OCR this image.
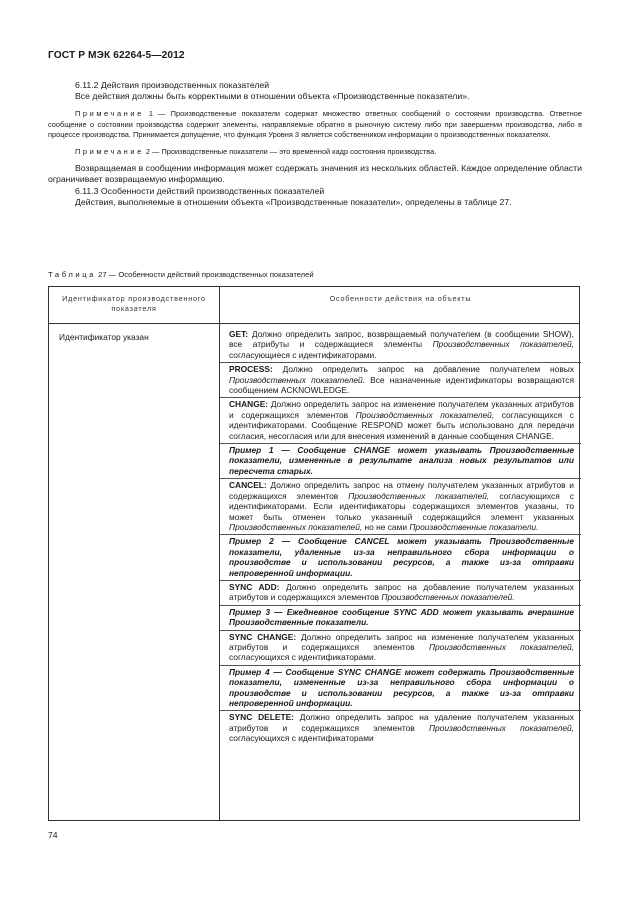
ГОСТ Р МЭК 62264-5—2012

6.11.2 Действия производственных показателей

Все действия должны быть корректными в отношении объекта «Производственные показатели».

Примечание 1 — Производственные показатели содержат множество ответных сообщений о состоянии производства. Ответное сообщение о состоянии производства содержит элементы, направляемые обратно в рыночную систему либо при завершении производства, либо в процессе производства. Принимается допущение, что функция Уровня 3 является собственником информации о производственных показателях.

Примечание 2 — Производственные показатели — это временной кадр состояния производства.

Возвращаемая в сообщении информация может содержать значения из нескольких областей. Каждое определение области ограничивает возвращаемую информацию.

6.11.3 Особенности действий производственных показателей

Действия, выполняемые в отношении объекта «Производственные показатели», определены в таблице 27.

Таблица 27 — Особенности действий производственных показателей
Идентификатор производственного показателя
Особенности действия на объекты
Идентификатор указан	GET: Должно определить запрос, возвращаемый получателем (в сообщении SHOW), все атрибуты и содержащиеся элементы Производственных показателей, согласующиеся с идентификаторами.
PROCESS: Должно определить запрос на добавление получателем новых Производственных показателей. Все назначенные идентификаторы возвращаются сообщением ACKNOWLEDGE.
CHANGE: Должно определить запрос на изменение получателем указанных атрибутов и содержащихся элементов Производственных показателей, согласующихся с идентификаторами. Сообщение RESPOND может быть использовано для передачи согласия, несогласия или для внесения изменений в данные сообщения CHANGE.
Пример 1 — Сообщение CHANGE может указывать Производственные показатели, измененные в результате анализа новых результатов или пересчета старых.
CANCEL: Должно определить запрос на отмену получателем указанных атрибутов и содержащихся элементов Производственных показателей, согласующихся с идентификаторами. Если идентификаторы содержащихся элементов указаны, то может быть отменен только указанный содержащийся элемент указанных Производственных показателей, но не сами Производственные показатели.
Пример 2 — Сообщение CANCEL может указывать Производственные показатели, удаленные из-за неправильного сбора информации о производстве и использовании ресурсов, а также из-за отправки непроверенной информации.
SYNC ADD: Должно определить запрос на добавление получателем указанных атрибутов и содержащихся элементов Производственных показателей.
Пример 3 — Ежедневное сообщение SYNC ADD может указывать вчерашние Производственные показатели.
SYNC CHANGE: Должно определить запрос на изменение получателем указанных атрибутов и содержащихся элементов Производственных показателей, согласующихся с идентификаторами.
Пример 4 — Сообщение SYNC CHANGE может содержать Производственные показатели, измененные из-за неправильного сбора информации о производстве и использовании ресурсов, а также из-за отправки непроверенной информации.
SYNC DELETE: Должно определить запрос на удаление получателем указанных атрибутов и содержащихся элементов Производственных показателей, согласующихся с идентификаторами
74
